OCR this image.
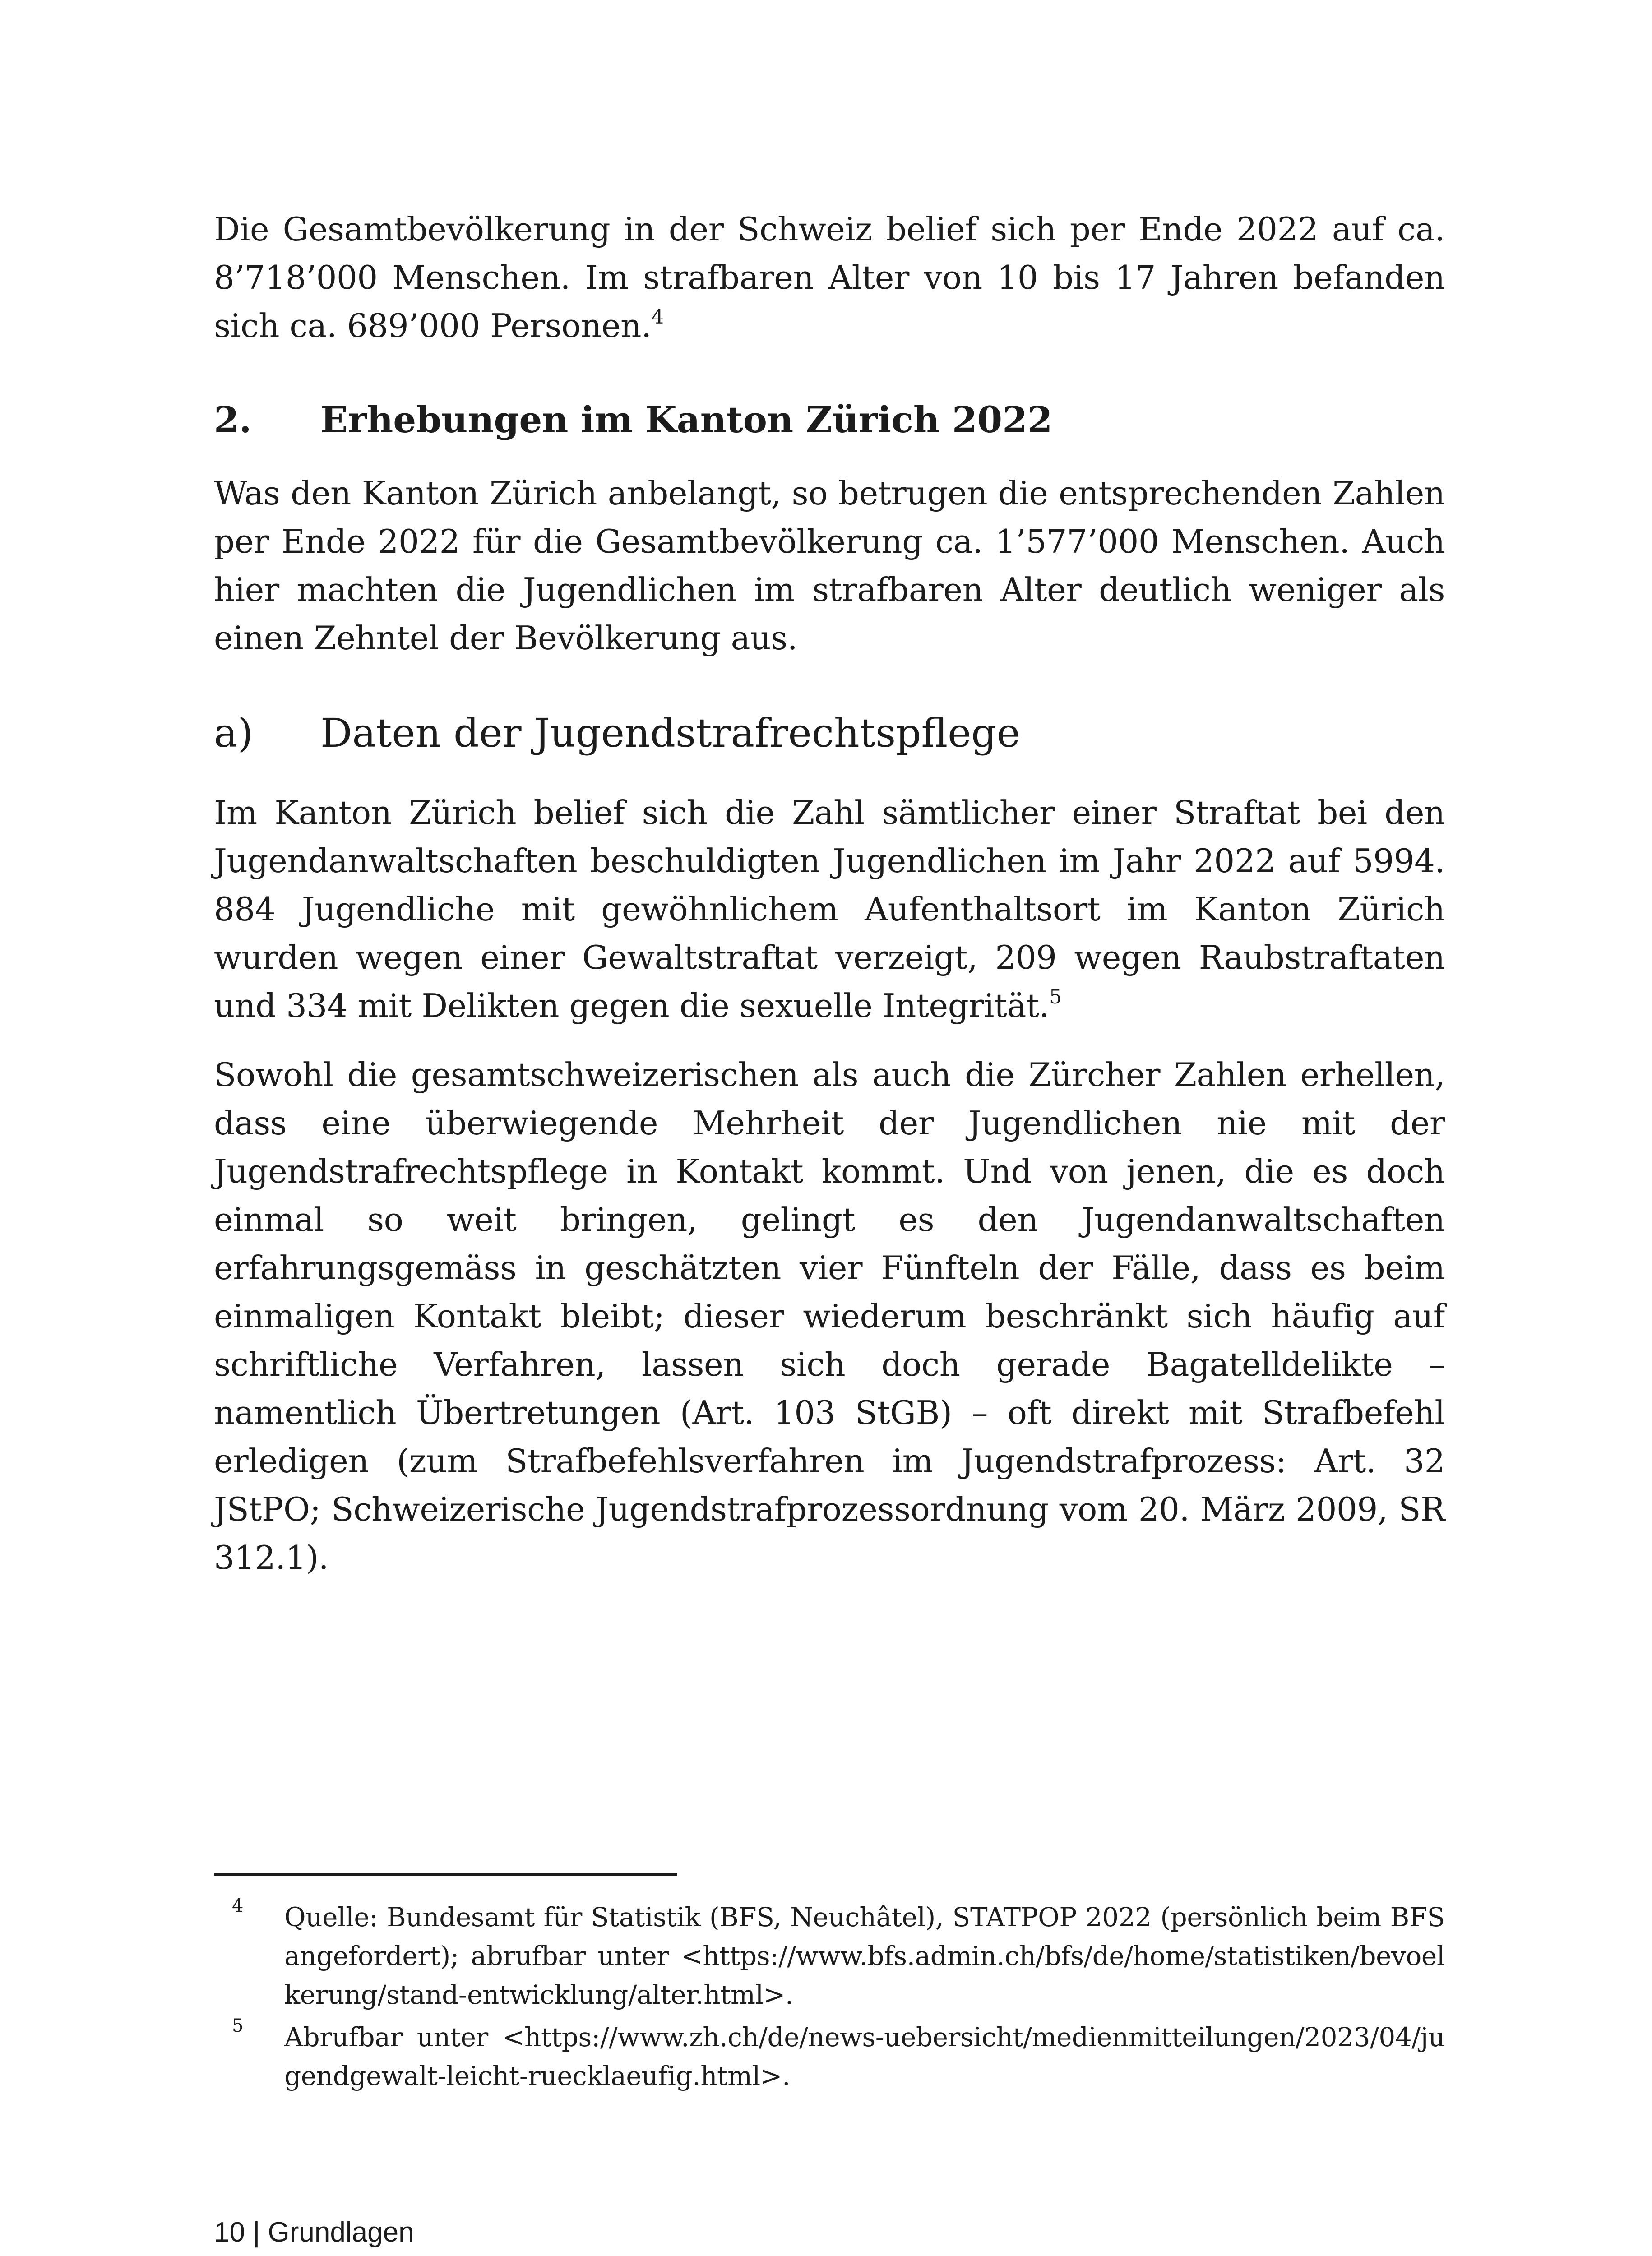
Die Gesamtbevölkerung in der Schweiz belief sich per Ende 2022 auf ca. 8’718’000 Menschen. Im strafbaren Alter von 10 bis 17 Jahren befanden sich ca. 689’000 Personen.$^4$

2.	Erhebungen im Kanton Zürich 2022

Was den Kanton Zürich anbelangt, so betrugen die entsprechenden Zahlen per Ende 2022 für die Gesamtbevölkerung ca. 1’577’000 Menschen. Auch hier machten die Jugendlichen im strafbaren Alter deutlich weniger als einen Zehntel der Bevölkerung aus.

a)	Daten der Jugendstrafrechtspflege

Im Kanton Zürich belief sich die Zahl sämtlicher einer Straftat bei den Jugendanwaltschaften beschuldigten Jugendlichen im Jahr 2022 auf 5994. 884 Jugendliche mit gewöhnlichem Aufenthaltsort im Kanton Zürich wurden wegen einer Gewaltstraftat verzeigt, 209 wegen Raubstraftaten und 334 mit Delikten gegen die sexuelle Integrität.$^5$

Sowohl die gesamtschweizerischen als auch die Zürcher Zahlen erhellen, dass eine überwiegende Mehrheit der Jugendlichen nie mit der Jugendstrafrechtspflege in Kontakt kommt. Und von jenen, die es doch einmal so weit bringen, gelingt es den Jugendanwaltschaften erfahrungsgemäss in geschätzten vier Fünfteln der Fälle, dass es beim einmaligen Kontakt bleibt; dieser wiederum beschränkt sich häufig auf schriftliche Verfahren, lassen sich doch gerade Bagatelldelikte – namentlich Übertretungen (Art. 103 StGB) – oft direkt mit Strafbefehl erledigen (zum Strafbefehlsverfahren im Jugendstrafprozess: Art. 32 JStPO; Schweizerische Jugendstrafprozessordnung vom 20. März 2009, SR 312.1).

4	Quelle: Bundesamt für Statistik (BFS, Neuchâtel), STATPOP 2022 (persönlich beim BFS angefordert); abrufbar unter <https://www.bfs.admin.ch/bfs/de/home/statistiken/bevoelkerung/stand-entwicklung/alter.html>.
5	Abrufbar unter <https://www.zh.ch/de/news-uebersicht/medienmitteilungen/2023/04/jugendgewalt-leicht-ruecklaeufig.html>.
10 | Grundlagen
